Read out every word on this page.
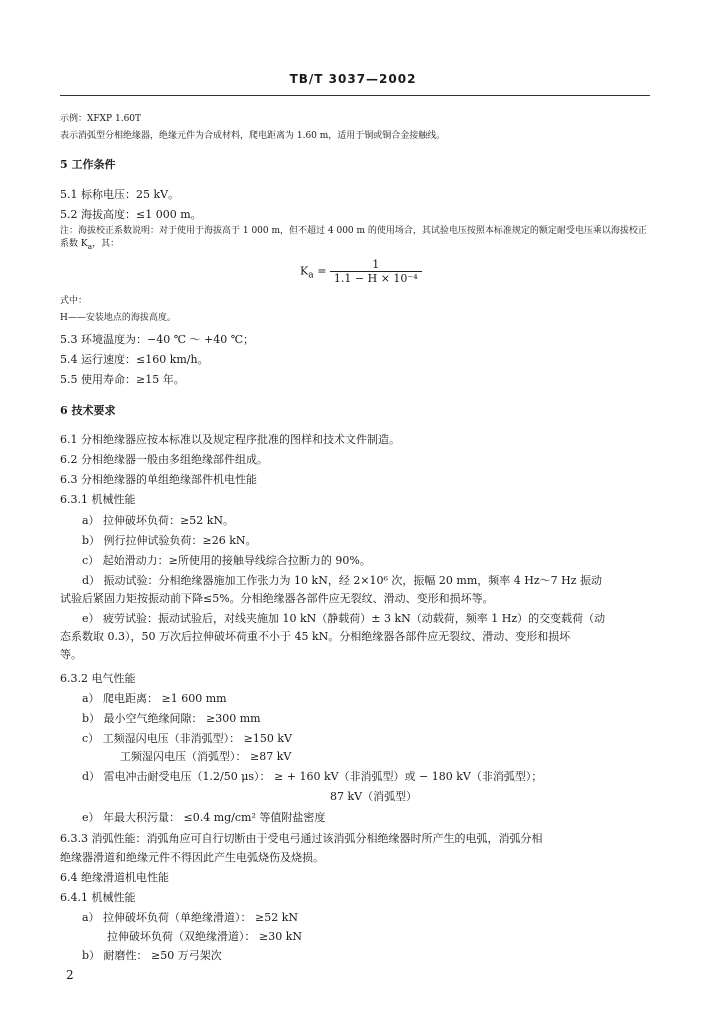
TB/T 3037—2002
示例：XFXP 1.60T
表示消弧型分相绝缘器，绝缘元件为合成材料，爬电距离为 1.60 m，适用于铜或铜合金接触线。
5 工作条件
5.1 标称电压：25 kV。
5.2 海拔高度：≤1 000 m。
注：海拔校正系数说明：对于使用于海拔高于 1 000 m，但不超过 4 000 m 的使用场合，其试验电压按照本标准规定的额定耐受电压乘以海拔校正系数 $K_a$，其：
$K_a = \frac{1}{\text{1.1 − H × 10⁻⁴}}$
式中：
H——安装地点的海拔高度。
5.3 环境温度为：−40 ℃ ～ +40 ℃；
5.4 运行速度：≤160 km/h。
5.5 使用寿命：≥15 年。
6 技术要求
6.1 分相绝缘器应按本标准以及规定程序批准的图样和技术文件制造。
6.2 分相绝缘器一般由多组绝缘部件组成。
6.3 分相绝缘器的单组绝缘部件机电性能
6.3.1 机械性能
a） 拉伸破坏负荷：≥52 kN。
b） 例行拉伸试验负荷：≥26 kN。
c） 起始滑动力：≥所使用的接触导线综合拉断力的 90%。
d） 振动试验：分相绝缘器施加工作张力为 10 kN，经 2×10⁶ 次，振幅 20 mm，频率 4 Hz～7 Hz 振动
试验后紧固力矩按振动前下降≤5%。分相绝缘器各部件应无裂纹、滑动、变形和损坏等。
e） 疲劳试验：振动试验后，对线夹施加 10 kN（静载荷）± 3 kN（动载荷，频率 1 Hz）的交变载荷（动
态系数取 0.3），50 万次后拉伸破坏荷重不小于 45 kN。分相绝缘器各部件应无裂纹、滑动、变形和损坏
等。
6.3.2 电气性能
a） 爬电距离： ≥1 600 mm
b） 最小空气绝缘间隙： ≥300 mm
c） 工频湿闪电压（非消弧型）： ≥150 kV
工频湿闪电压（消弧型）： ≥87 kV
d） 雷电冲击耐受电压（1.2/50 μs）： ≥ + 160 kV（非消弧型）或 − 180 kV（非消弧型）；
87 kV（消弧型）
e） 年最大积污量： ≤0.4 mg/cm² 等值附盐密度
6.3.3 消弧性能：消弧角应可自行切断由于受电弓通过该消弧分相绝缘器时所产生的电弧，消弧分相
绝缘器滑道和绝缘元件不得因此产生电弧烧伤及烧损。
6.4 绝缘滑道机电性能
6.4.1 机械性能
a） 拉伸破坏负荷（单绝缘滑道）： ≥52 kN
拉伸破坏负荷（双绝缘滑道）： ≥30 kN
b） 耐磨性： ≥50 万弓架次
2
